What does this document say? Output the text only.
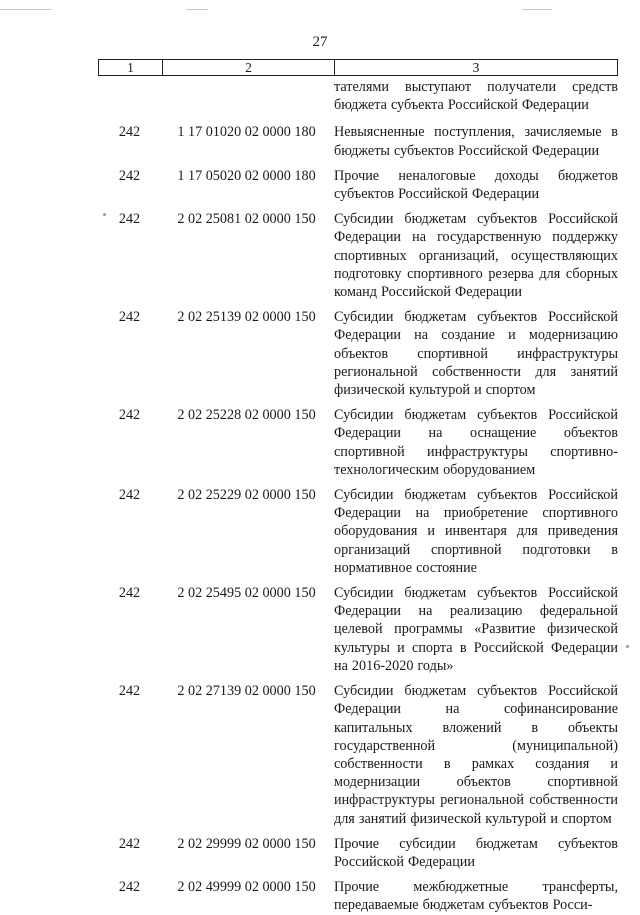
27
1	2	3
тателями выступают получатели средств бюджета субъекта Российской Федерации
242	1 17 01020 02 0000 180	Невыясненные поступления, зачисляемые в бюджеты субъектов Российской Федерации
242	1 17 05020 02 0000 180	Прочие неналоговые доходы бюджетов субъектов Российской Федерации
242	2 02 25081 02 0000 150	Субсидии бюджетам субъектов Российской Федерации на государственную поддержку спортивных организаций, осуществляющих подготовку спортивного резерва для сборных команд Российской Федерации
242	2 02 25139 02 0000 150	Субсидии бюджетам субъектов Российской Федерации на создание и модернизацию объектов спортивной инфраструктуры региональной собственности для занятий физической культурой и спортом
242	2 02 25228 02 0000 150	Субсидии бюджетам субъектов Российской Федерации на оснащение объектов спортивной инфраструктуры спортивно-технологическим оборудованием
242	2 02 25229 02 0000 150	Субсидии бюджетам субъектов Российской Федерации на приобретение спортивного оборудования и инвентаря для приведения организаций спортивной подготовки в нормативное состояние
242	2 02 25495 02 0000 150	Субсидии бюджетам субъектов Российской Федерации на реализацию федеральной целевой программы «Развитие физической культуры и спорта в Российской Федерации на 2016-2020 годы»
242	2 02 27139 02 0000 150	Субсидии бюджетам субъектов Российской Федерации на софинансирование капитальных вложений в объекты государственной (муниципальной) собственности в рамках создания и модернизации объектов спортивной инфраструктуры региональной собственности для занятий физической культурой и спортом
242	2 02 29999 02 0000 150	Прочие субсидии бюджетам субъектов Российской Федерации
242	2 02 49999 02 0000 150	Прочие межбюджетные трансферты, передаваемые бюджетам субъектов Росси-
